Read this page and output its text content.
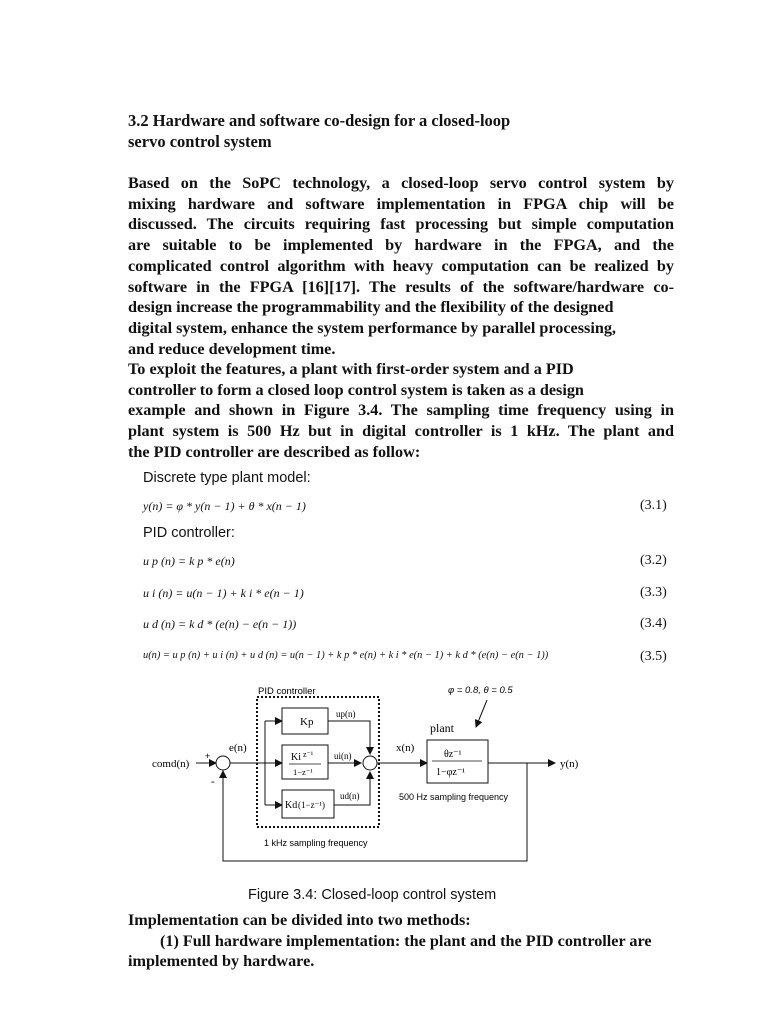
3.2 Hardware and software co-design for a closed-loop
servo control system
Based on the SoPC technology, a closed-loop servo control system by
mixing hardware and software implementation in FPGA chip will be
discussed. The circuits requiring fast processing but simple computation
are suitable to be implemented by hardware in the FPGA, and the
complicated control algorithm with heavy computation can be realized by
software in the FPGA [16][17]. The results of the software/hardware co-
design increase the programmability and the flexibility of the designed
digital system, enhance the system performance by parallel processing,
and reduce development time.
To exploit the features, a plant with first-order system and a PID
controller to form a closed loop control system is taken as a design
example and shown in Figure 3.4. The sampling time frequency using in
plant system is 500 Hz but in digital controller is 1 kHz. The plant and
the PID controller are described as follow:
Discrete type plant model:
y(n) = φ * y(n − 1) + θ * x(n − 1)	(3.1)
PID controller:
u p (n) = k p * e(n)	(3.2)
u i (n) = u(n − 1) + k i * e(n − 1)	(3.3)
u d (n) = k d * (e(n) − e(n − 1))	(3.4)
u(n) = u p (n) + u i (n) + u d (n) = u(n − 1) + k p * e(n) + k i * e(n − 1) + k d * (e(n) − e(n − 1))	(3.5)
PID controller	φ = 0.8, θ = 0.5
comd(n)
+
-
e(n)
Kp
Ki z⁻¹
1−z⁻¹
Kd (1−z⁻¹)
up(n)
ui(n)
ud(n)
x(n)
plant
θz⁻¹
1−φz⁻¹
500 Hz sampling frequency
y(n)
1 kHz sampling frequency
Figure 3.4: Closed-loop control system
Implementation can be divided into two methods:
(1) Full hardware implementation: the plant and the PID controller are
implemented by hardware.
